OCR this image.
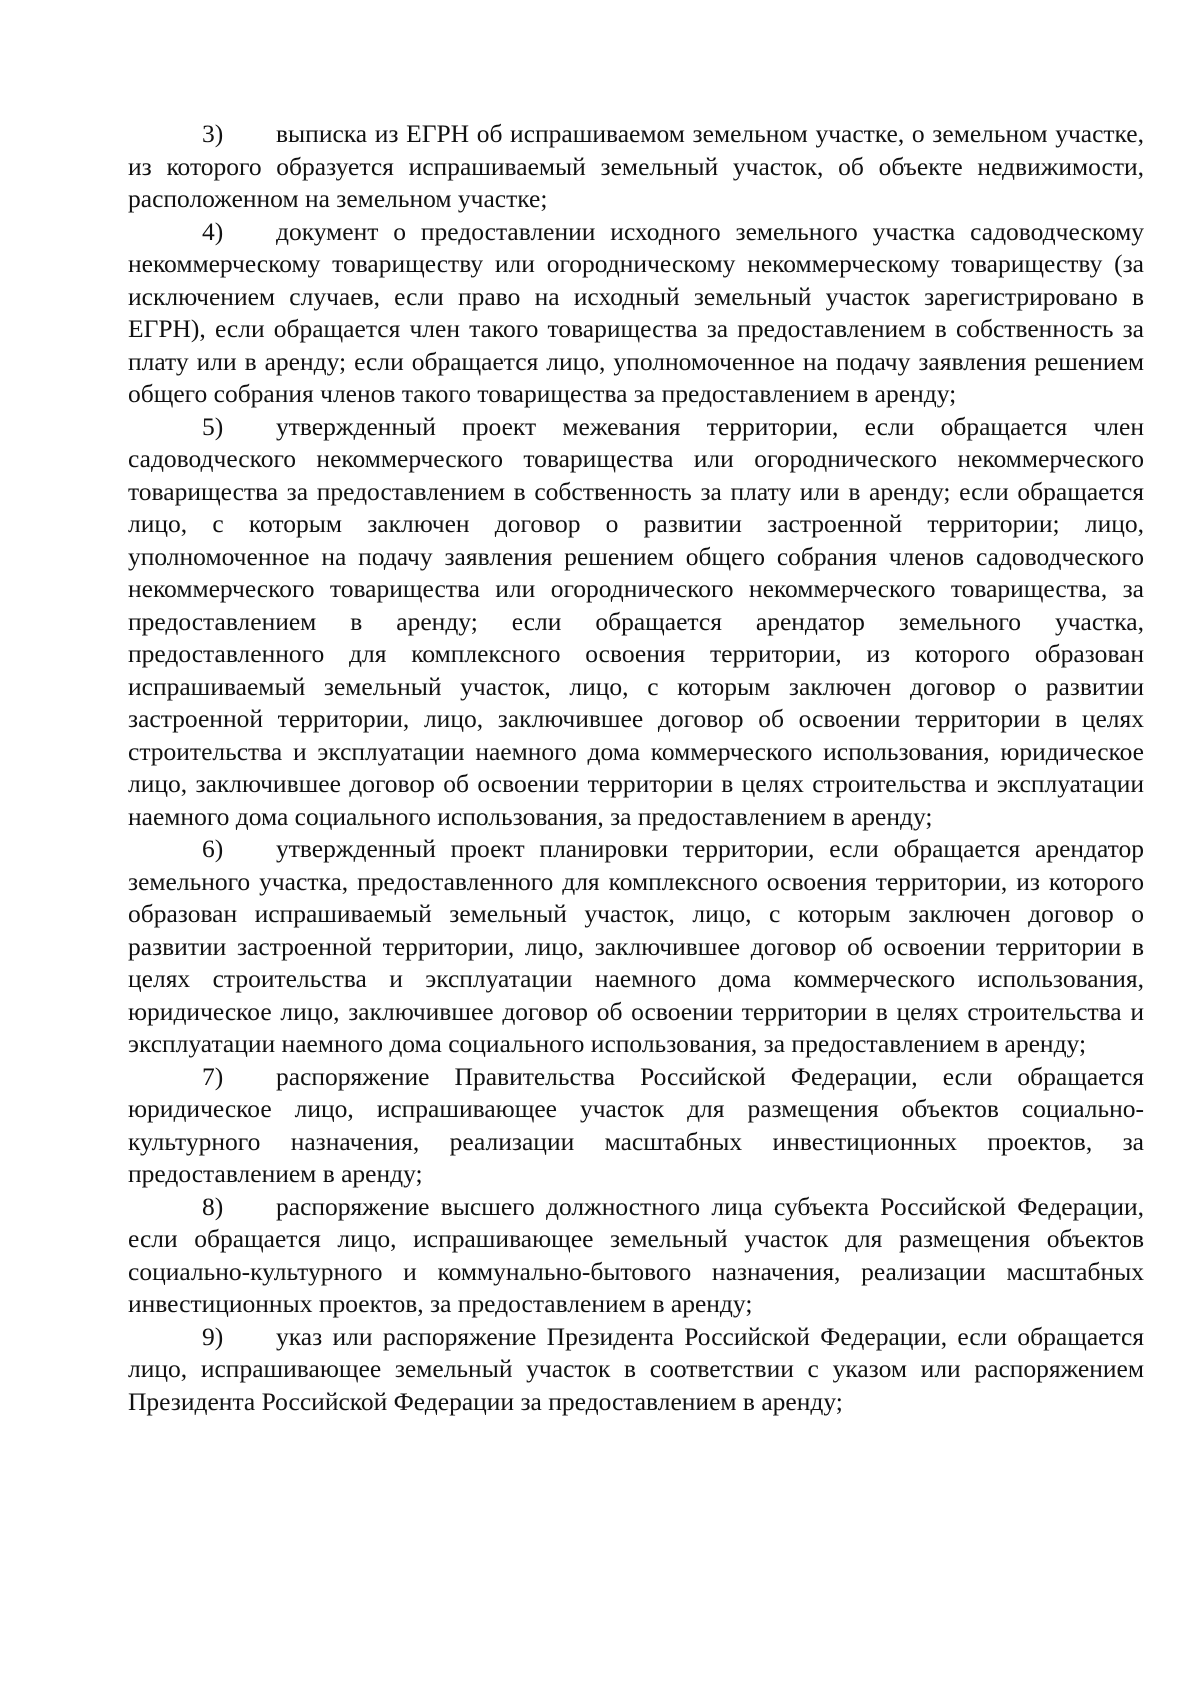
3) выписка из ЕГРН об испрашиваемом земельном участке, о земельном участке, из которого образуется испрашиваемый земельный участок, об объекте недвижимости, расположенном на земельном участке;

4) документ о предоставлении исходного земельного участка садоводческому некоммерческому товариществу или огородническому некоммерческому товариществу (за исключением случаев, если право на исходный земельный участок зарегистрировано в ЕГРН), если обращается член такого товарищества за предоставлением в собственность за плату или в аренду; если обращается лицо, уполномоченное на подачу заявления решением общего собрания членов такого товарищества за предоставлением в аренду;

5) утвержденный проект межевания территории, если обращается член садоводческого некоммерческого товарищества или огороднического некоммерческого товарищества за предоставлением в собственность за плату или в аренду; если обращается лицо, с которым заключен договор о развитии застроенной территории; лицо, уполномоченное на подачу заявления решением общего собрания членов садоводческого некоммерческого товарищества или огороднического некоммерческого товарищества, за предоставлением в аренду; если обращается арендатор земельного участка, предоставленного для комплексного освоения территории, из которого образован испрашиваемый земельный участок, лицо, с которым заключен договор о развитии застроенной территории, лицо, заключившее договор об освоении территории в целях строительства и эксплуатации наемного дома коммерческого использования, юридическое лицо, заключившее договор об освоении территории в целях строительства и эксплуатации наемного дома социального использования, за предоставлением в аренду;

6) утвержденный проект планировки территории, если обращается арендатор земельного участка, предоставленного для комплексного освоения территории, из которого образован испрашиваемый земельный участок, лицо, с которым заключен договор о развитии застроенной территории, лицо, заключившее договор об освоении территории в целях строительства и эксплуатации наемного дома коммерческого использования, юридическое лицо, заключившее договор об освоении территории в целях строительства и эксплуатации наемного дома социального использования, за предоставлением в аренду;

7) распоряжение Правительства Российской Федерации, если обращается юридическое лицо, испрашивающее участок для размещения объектов социально-культурного назначения, реализации масштабных инвестиционных проектов, за предоставлением в аренду;

8) распоряжение высшего должностного лица субъекта Российской Федерации, если обращается лицо, испрашивающее земельный участок для размещения объектов социально-культурного и коммунально-бытового назначения, реализации масштабных инвестиционных проектов, за предоставлением в аренду;

9) указ или распоряжение Президента Российской Федерации, если обращается лицо, испрашивающее земельный участок в соответствии с указом или распоряжением Президента Российской Федерации за предоставлением в аренду;
